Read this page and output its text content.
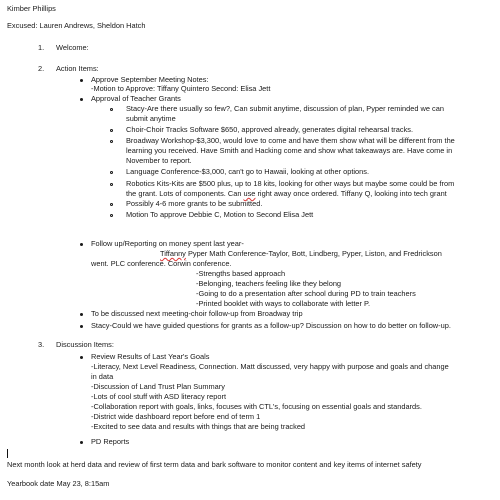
Kimber Phillips
Excused: Lauren Andrews, Sheldon Hatch
1. Welcome:
2. Action Items:
Approve September Meeting Notes:
-Motion to Approve: Tiffany Quintero Second: Elisa Jett
Approval of Teacher Grants
Stacy-Are there usually so few?, Can submit anytime, discussion of plan, Pyper reminded we can
submit anytime
Choir-Choir Tracks Software $650, approved already, generates digital rehearsal tracks.
Broadway Workshop-$3,300, would love to come and have them show what will be different from the
learning you received. Have Smith and Hacking come and show what takeaways are. Have come in
November to report.
Language Conference-$3,000, can't go to Hawaii, looking at other options.
Robotics Kits-Kits are $500 plus, up to 18 kits, looking for other ways but maybe some could be from
the grant. Lots of components. Can use right away once ordered. Tiffany Q, looking into tech grant
Possibly 4-6 more grants to be submitted.
Motion To approve Debbie C, Motion to Second Elisa Jett
Follow up/Reporting on money spent last year-
Tiffanny Pyper Math Conference-Taylor, Bott, Lindberg, Pyper, Liston, and Fredrickson
went. PLC conference. Corwin conference.
-Strengths based approach
-Belonging, teachers feeling like they belong
-Going to do a presentation after school during PD to train teachers
-Printed booklet with ways to collaborate with letter P.
To be discussed next meeting-choir follow-up from Broadway trip
Stacy-Could we have guided questions for grants as a follow-up? Discussion on how to do better on follow-up.
3. Discussion Items:
Review Results of Last Year's Goals
-Literacy, Next Level Readiness, Connection. Matt discussed, very happy with purpose and goals and change
in data
-Discussion of Land Trust Plan Summary
-Lots of cool stuff with ASD literacy report
-Collaboration report with goals, links, focuses with CTL's, focusing on essential goals and standards.
-District wide dashboard report before end of term 1
-Excited to see data and results with things that are being tracked
PD Reports
Next month look at herd data and review of first term data and bark software to monitor content and key items of internet safety
Yearbook date May 23, 8:15am
